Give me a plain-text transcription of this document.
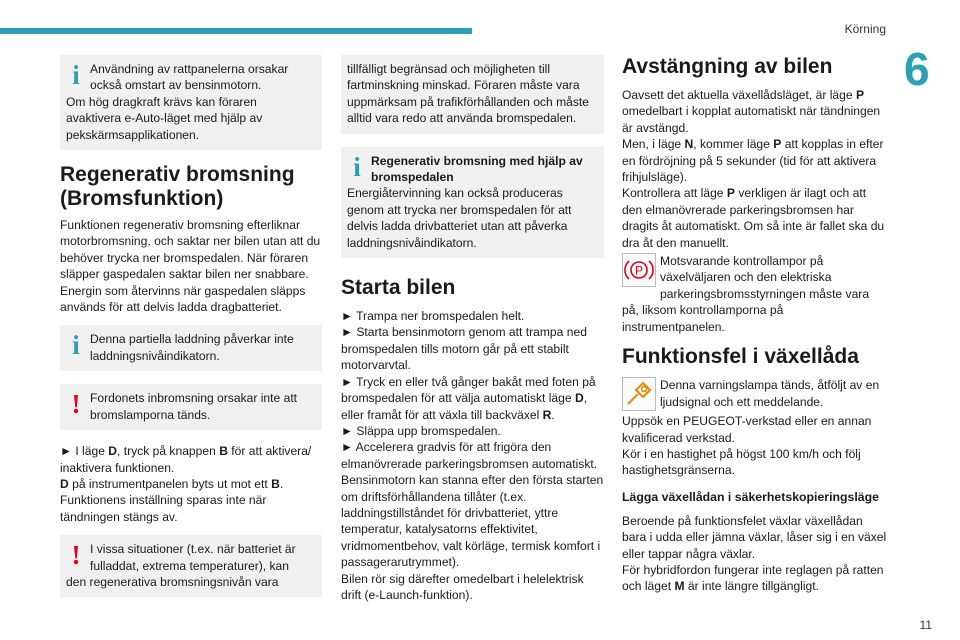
Körning
6
11
i Användning av rattpanelerna orsakar också omstart av bensinmotorn.
Om hög dragkraft krävs kan föraren avaktivera e-Auto-läget med hjälp av pekskärmsapplikationen.
Regenerativ bromsning (Bromsfunktion)

Funktionen regenerativ bromsning efterliknar motorbromsning, och saktar ner bilen utan att du behöver trycka ner bromspedalen. När föraren släpper gaspedalen saktar bilen ner snabbare. Energin som återvinns när gaspedalen släpps används för att delvis ladda dragbatteriet.

i Denna partiella laddning påverkar inte laddningsnivåindikatorn.
! Fordonets inbromsning orsakar inte att bromslamporna tänds.

► I läge D, tryck på knappen B för att aktivera/ inaktivera funktionen.

D på instrumentpanelen byts ut mot ett B.

Funktionens inställning sparas inte när tändningen stängs av.

! I vissa situationer (t.ex. när batteriet är fulladdat, extrema temperaturer), kan
den regenerativa bromsningsnivån vara
tillfälligt begränsad och möjligheten till fartminskning minskad. Föraren måste vara uppmärksam på trafikförhållanden och måste alltid vara redo att använda bromspedalen.
i Regenerativ bromsning med hjälp av bromspedalen
Energiåtervinning kan också produceras genom att trycka ner bromspedalen för att delvis ladda drivbatteriet utan att påverka laddningsnivåindikatorn.
Starta bilen

► Trampa ner bromspedalen helt.

► Starta bensinmotorn genom att trampa ned bromspedalen tills motorn går på ett stabilt motorvarvtal.

► Tryck en eller två gånger bakåt med foten på bromspedalen för att välja automatiskt läge D, eller framåt för att växla till backväxel R.

► Släppa upp bromspedalen.

► Accelerera gradvis för att frigöra den elmanövrerade parkeringsbromsen automatiskt.

Bensinmotorn kan stanna efter den första starten om driftsförhållandena tillåter (t.ex. laddningstillståndet för drivbatteriet, yttre temperatur, katalysatorns effektivitet, vridmomentbehov, valt körläge, termisk komfort i passagerarutrymmet).

Bilen rör sig därefter omedelbart i helelektrisk drift (e-Launch-funktion).

Avstängning av bilen

Oavsett det aktuella växellådsläget, är läge P omedelbart i kopplat automatiskt när tändningen är avstängd.

Men, i läge N, kommer läge P att kopplas in efter en fördröjning på 5 sekunder (tid för att aktivera frihjulsläge).

Kontrollera att läge P verkligen är ilagt och att den elmanövrerade parkeringsbromsen har dragits åt automatiskt. Om så inte är fallet ska du dra åt den manuellt.

P

Motsvarande kontrollampor på växelväljaren och den elektriska parkeringsbromsstyrningen måste vara på, liksom kontrollamporna på instrumentpanelen.

Funktionsfel i växellåda

Denna varningslampa tänds, åtföljt av en ljudsignal och ett meddelande.

Uppsök en PEUGEOT-verkstad eller en annan kvalificerad verkstad.

Kör i en hastighet på högst 100 km/h och följ hastighetsgränserna.

Lägga växellådan i säkerhetskopieringsläge

Beroende på funktionsfelet växlar växellådan bara i udda eller jämna växlar, låser sig i en växel eller tappar några växlar.

För hybridfordon fungerar inte reglagen på ratten och läget M är inte längre tillgängligt.
